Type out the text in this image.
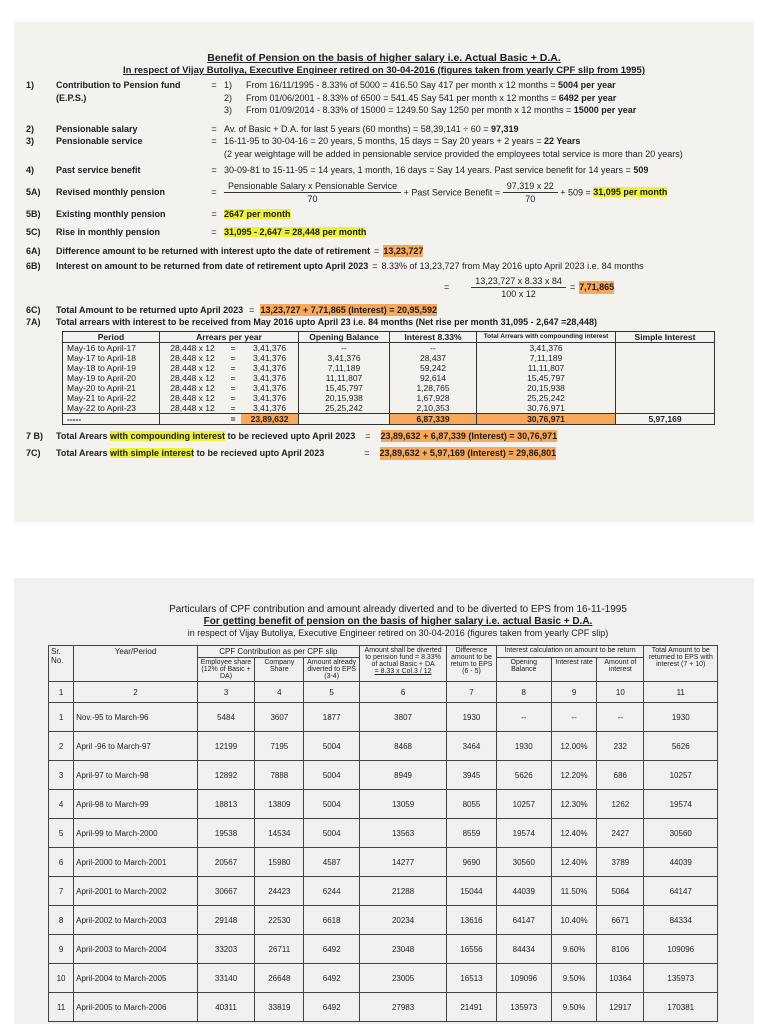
Benefit of Pension on the basis of higher salary i.e. Actual Basic + D.A.
In respect of Vijay Butoliya, Executive Engineer retired on 30-04-2016 (figures taken from yearly CPF slip from 1995)
1)	Contribution to Pension fund (E.P.S.)
= 1) From 16/11/1995 - 8.33% of 5000 = 416.50 Say 417 per month x 12 months = 5004 per year
2) From 01/06/2001 - 8.33% of 6500 = 541.45 Say 541 per month x 12 months = 6492 per year
3) From 01/09/2014 - 8.33% of 15000 = 1249.50 Say 1250 per month x 12 months = 15000 per year
2)	Pensionable salary	= Av. of Basic + D.A. for last 5 years (60 months) = 58,39,141 ÷ 60 = 97,319
3)	Pensionable service	= 16-11-95 to 30-04-16 = 20 years, 5 months, 15 days = Say 20 years + 2 years = 22 Years
(2 year weightage will be added in pensionable service provided the employees total service is more than 20 years)
4)	Past service benefit	= 30-09-81 to 15-11-95 = 14 years, 1 month, 16 days = Say 14 years. Past service benefit for 14 years = 509
5A)	Revised monthly pension	= $\frac{\text{Pensionable Salary x Pensionable Service}}{70}$ + Past Service Benefit = $\frac{97,319 x 22}{70} + 509 = 31,095$ per month
5B)	Existing monthly pension	= 2647 per month
5C)	Rise in monthly pension	= 31,095 - 2,647 = 28,448 per month
6A)	Difference amount to be returned with interest upto the date of retirement = 13,23,727
6B)	Interest on amount to be returned from date of retirement upto April 2023 = 8.33% of 13,23,727 from May 2016 upto April 2023 i.e. 84 months
= $\frac{13,23,727 x 8.33 x 84}{100 x 12} = 7,71,865$
6C)	Total Amount to be returned upto April 2023 = 13,23,727 + 7,71,865 (Interest) = 20,95,592
7A)	Total arrears with interest to be received from May 2016 upto April 23 i.e. 84 months (Net rise per month 31,095 - 2,647 =28,448)
Period	Arrears per year			Opening Balance	Interest 8.33%	Total Arrears with compounding interest	Simple Interest
May-16 to April-17	28,448 x 12	=	3,41,376	--	--	3,41,376	
May-17 to April-18	28,448 x 12	=	3,41,376	3,41,376	28,437	7,11,189	
May-18 to April-19	28,448 x 12	=	3,41,376	7,11,189	59,242	11,11,807	
May-19 to April-20	28,448 x 12	=	3,41,376	11,11,807	92,614	15,45,797	
May-20 to April-21	28,448 x 12	=	3,41,376	15,45,797	1,28,765	20,15,938	
May-21 to April-22	28,448 x 12	=	3,41,376	20,15,938	1,67,928	25,25,242	
May-22 to April-23	28,448 x 12	=	3,41,376	25,25,242	2,10,353	30,76,971	
-----		=	23,89,632		6,87,339	30,76,971	5,97,169
7 B)	Total Arears with compounding interest to be recieved upto April 2023 = 23,89,632 + 6,87,339 (Interest) = 30,76,971
7C)	Total Arears with simple interest to be recieved upto April 2023	= 23,89,632 + 5,97,169 (Interest) = 29,86,801
Particulars of CPF contribution and amount already diverted and to be diverted to EPS from 16-11-1995
For getting benefit of pension on the basis of higher salary i.e. actual Basic + D.A.
in respect of Vijay Butoliya, Executive Engineer retired on 30-04-2016 (figures taken from yearly CPF slip)
Sr. No.	Year/Period	CPF Contribution as per CPF slip			Amount shall be diverted to pension fund = 8.33% of actual Basic + DA
= 8.33 x Col.3 / 12	Difference amount to be return to EPS (6 - 5)	Interest calculation on amount to be return			Total Amount to be returned to EPS with interest (7 + 10)
		Employee share (12% of Basic + DA)	Company Share	Amount already diverted to EPS (3-4)			Opening Balance	Interest rate	Amount of interest	
1	2	3	4	5	6	7	8	9	10	11
1	Nov.-95 to March-96	5484	3607	1877	3807	1930	--	--	--	1930
2	April -96 to March-97	12199	7195	5004	8468	3464	1930	12.00%	232	5626
3	April-97 to March-98	12892	7888	5004	8949	3945	5626	12.20%	686	10257
4	April-98 to March-99	18813	13809	5004	13059	8055	10257	12.30%	1262	19574
5	April-99 to March-2000	19538	14534	5004	13563	8559	19574	12.40%	2427	30560
6	April-2000 to March-2001	20567	15980	4587	14277	9690	30560	12.40%	3789	44039
7	April-2001 to March-2002	30667	24423	6244	21288	15044	44039	11.50%	5064	64147
8	April-2002 to March-2003	29148	22530	6618	20234	13616	64147	10.40%	6671	84334
9	April-2003 to March-2004	33203	26711	6492	23048	16556	84434	9.60%	8106	109096
10	April-2004 to March-2005	33140	26648	6492	23005	16513	109096	9.50%	10364	135973
11	April-2005 to March-2006	40311	33819	6492	27983	21491	135973	9.50%	12917	170381
